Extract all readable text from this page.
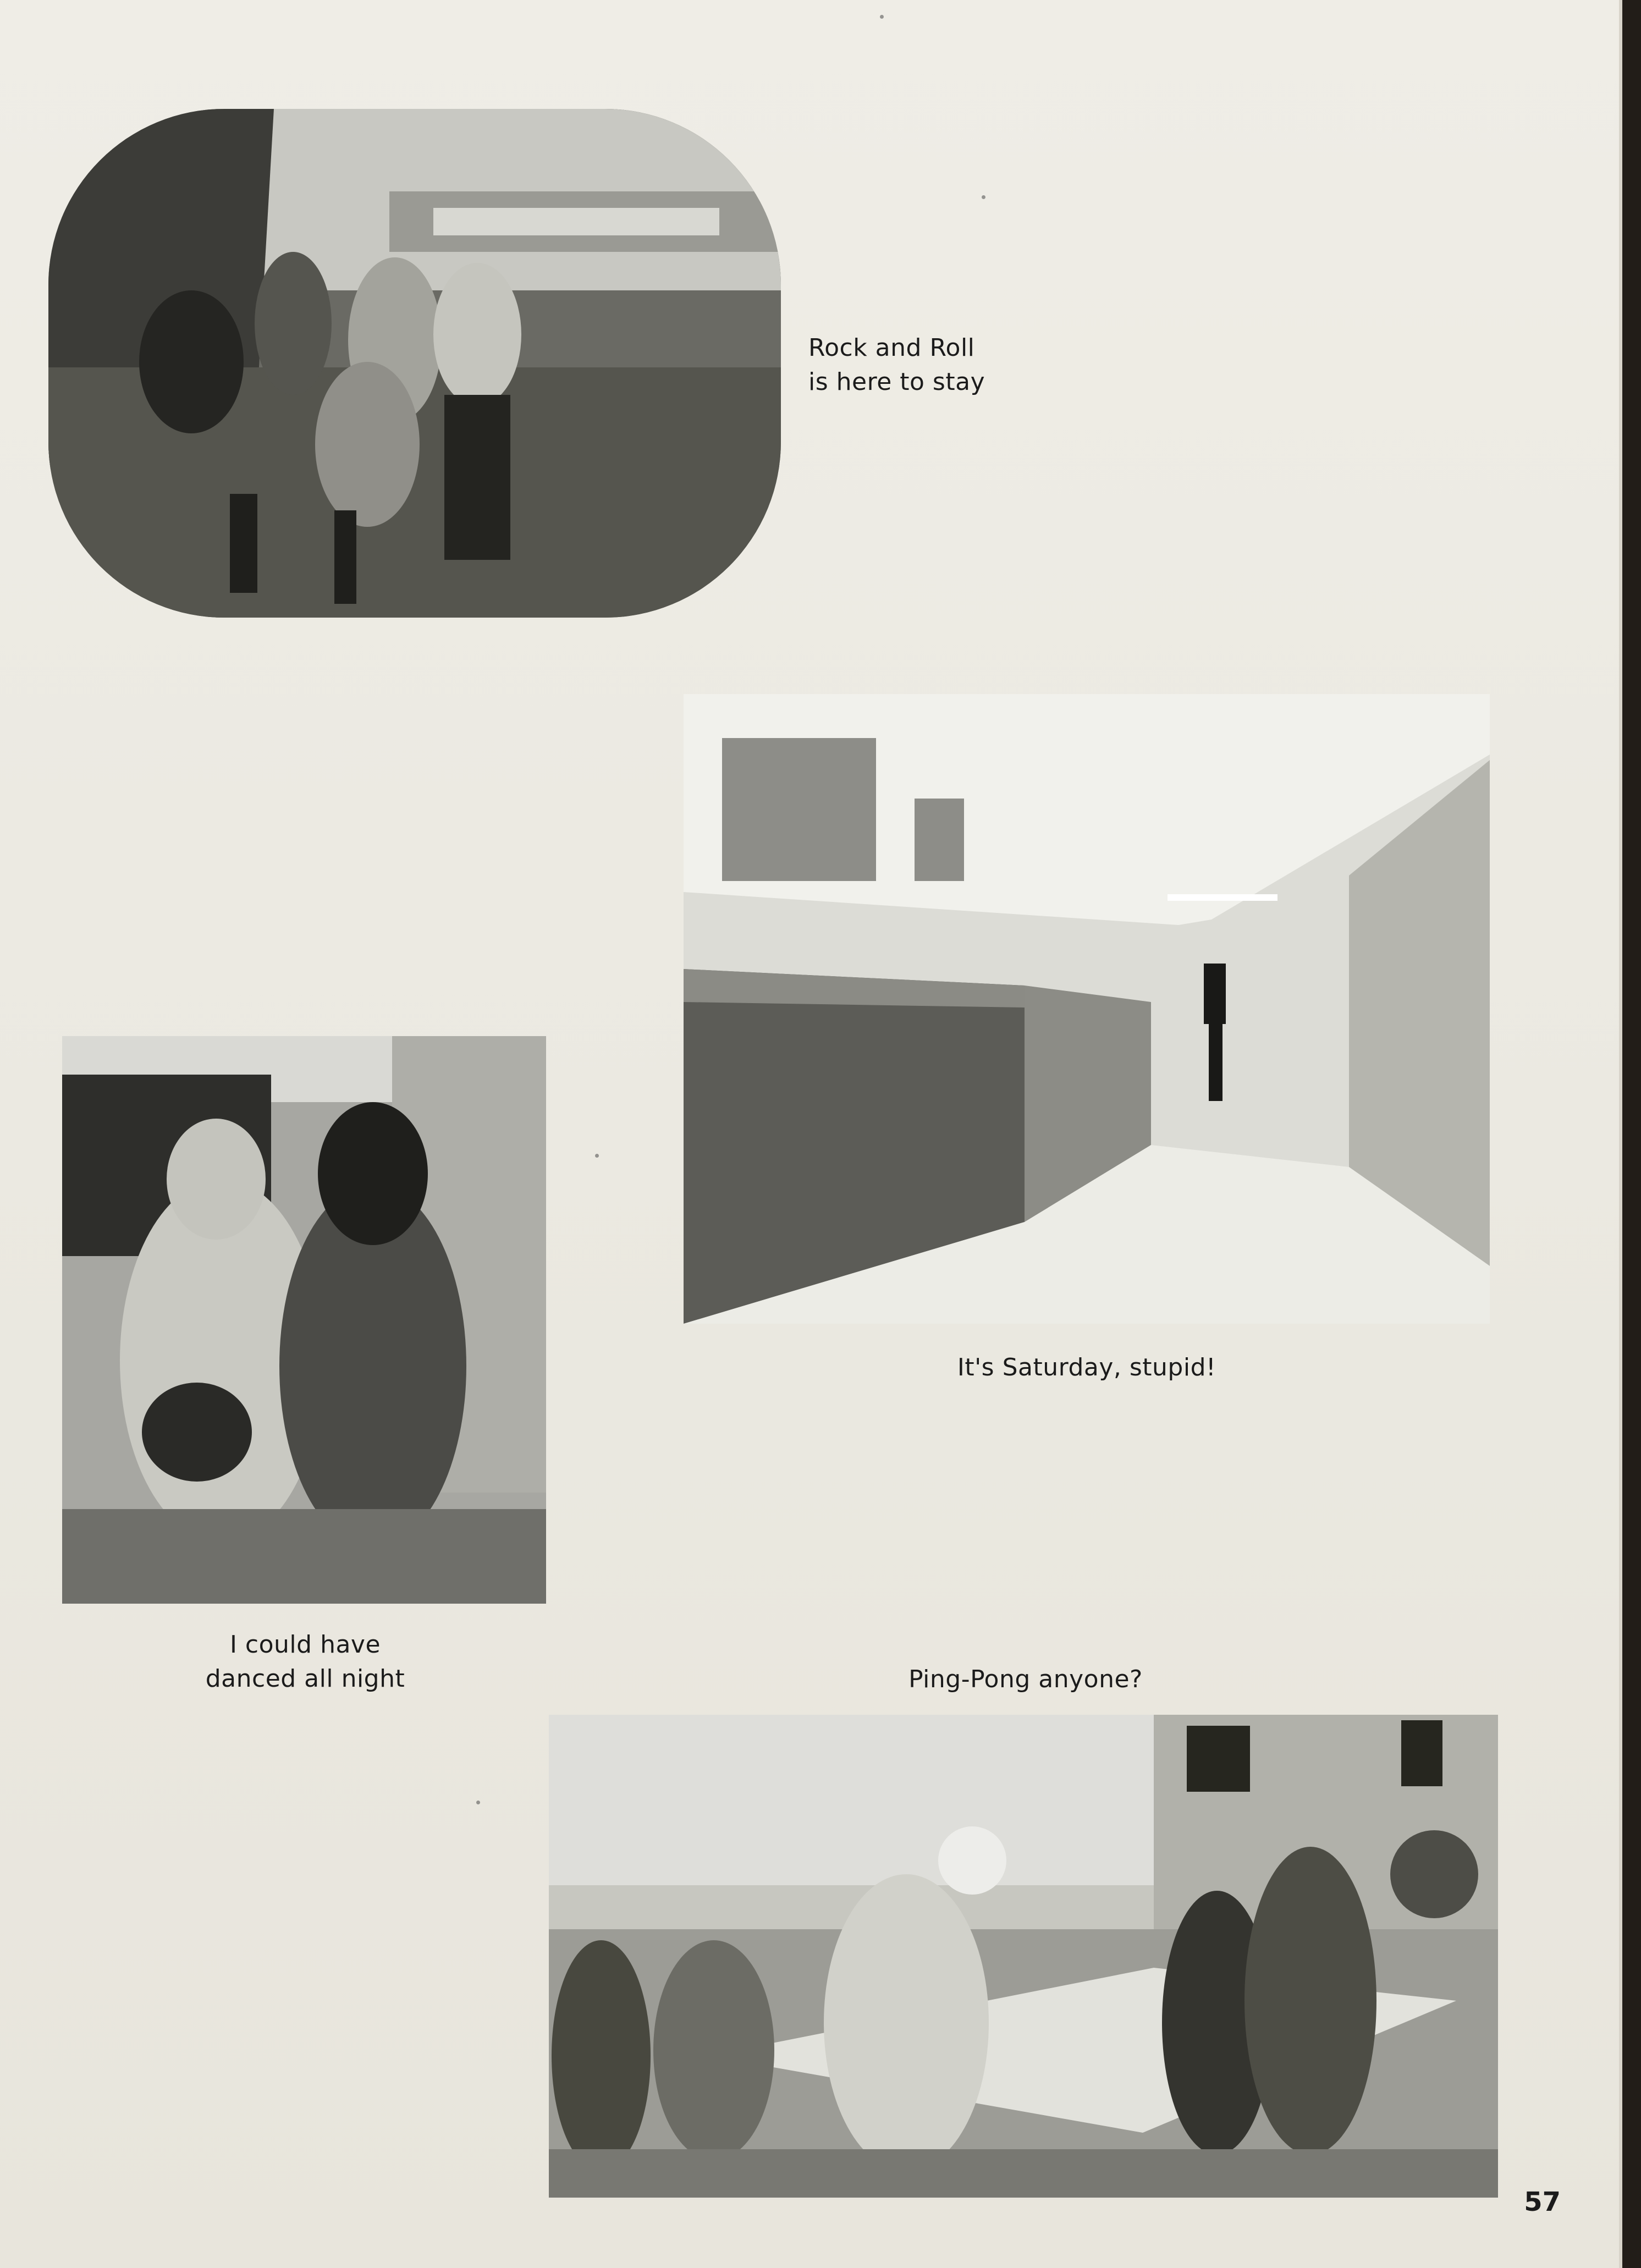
Rock and Roll
is here to stay
It's Saturday, stupid!
I could have
danced all night	Ping-Pong anyone?
57
